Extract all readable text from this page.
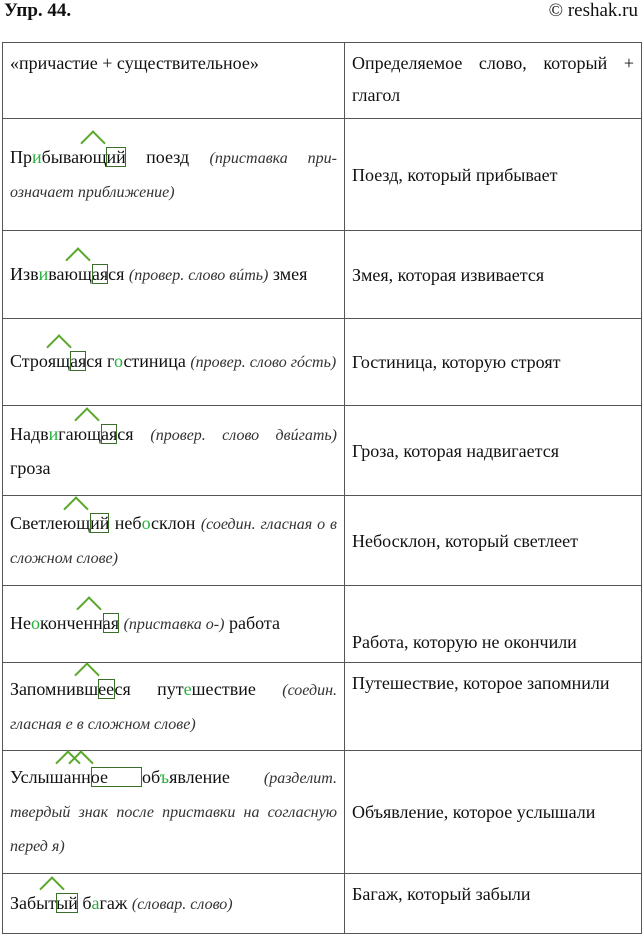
Упр. 44.	© reshak.ru
«причастие + существительное»	Определяемое слово, который + глагол
Прибывающий поезд (приставка при- означает приближение)	Поезд, который прибывает
Извивающаяся (провер. слово вúть) змея	Змея, которая извивается
Строящаяся гостиница (провер. слово гóсть)	Гостиница, которую строят
Надвигающаяся (провер. слово двúгать) гроза	Гроза, которая надвигается
Светлеющий небосклон (соедин. гласная о в сложном слове)	Небосклон, который светлеет
Неоконченная (приставка о-) работа	Работа, которую не окончили
Запомнившееся путешествие (соедин. гласная е в сложном слове)	Путешествие, которое запомнили
Услышанное объявление (разделит. твердый знак после приставки на согласную перед я)	Объявление, которое услышали
Забытый багаж (словар. слово)	Багаж, который забыли
